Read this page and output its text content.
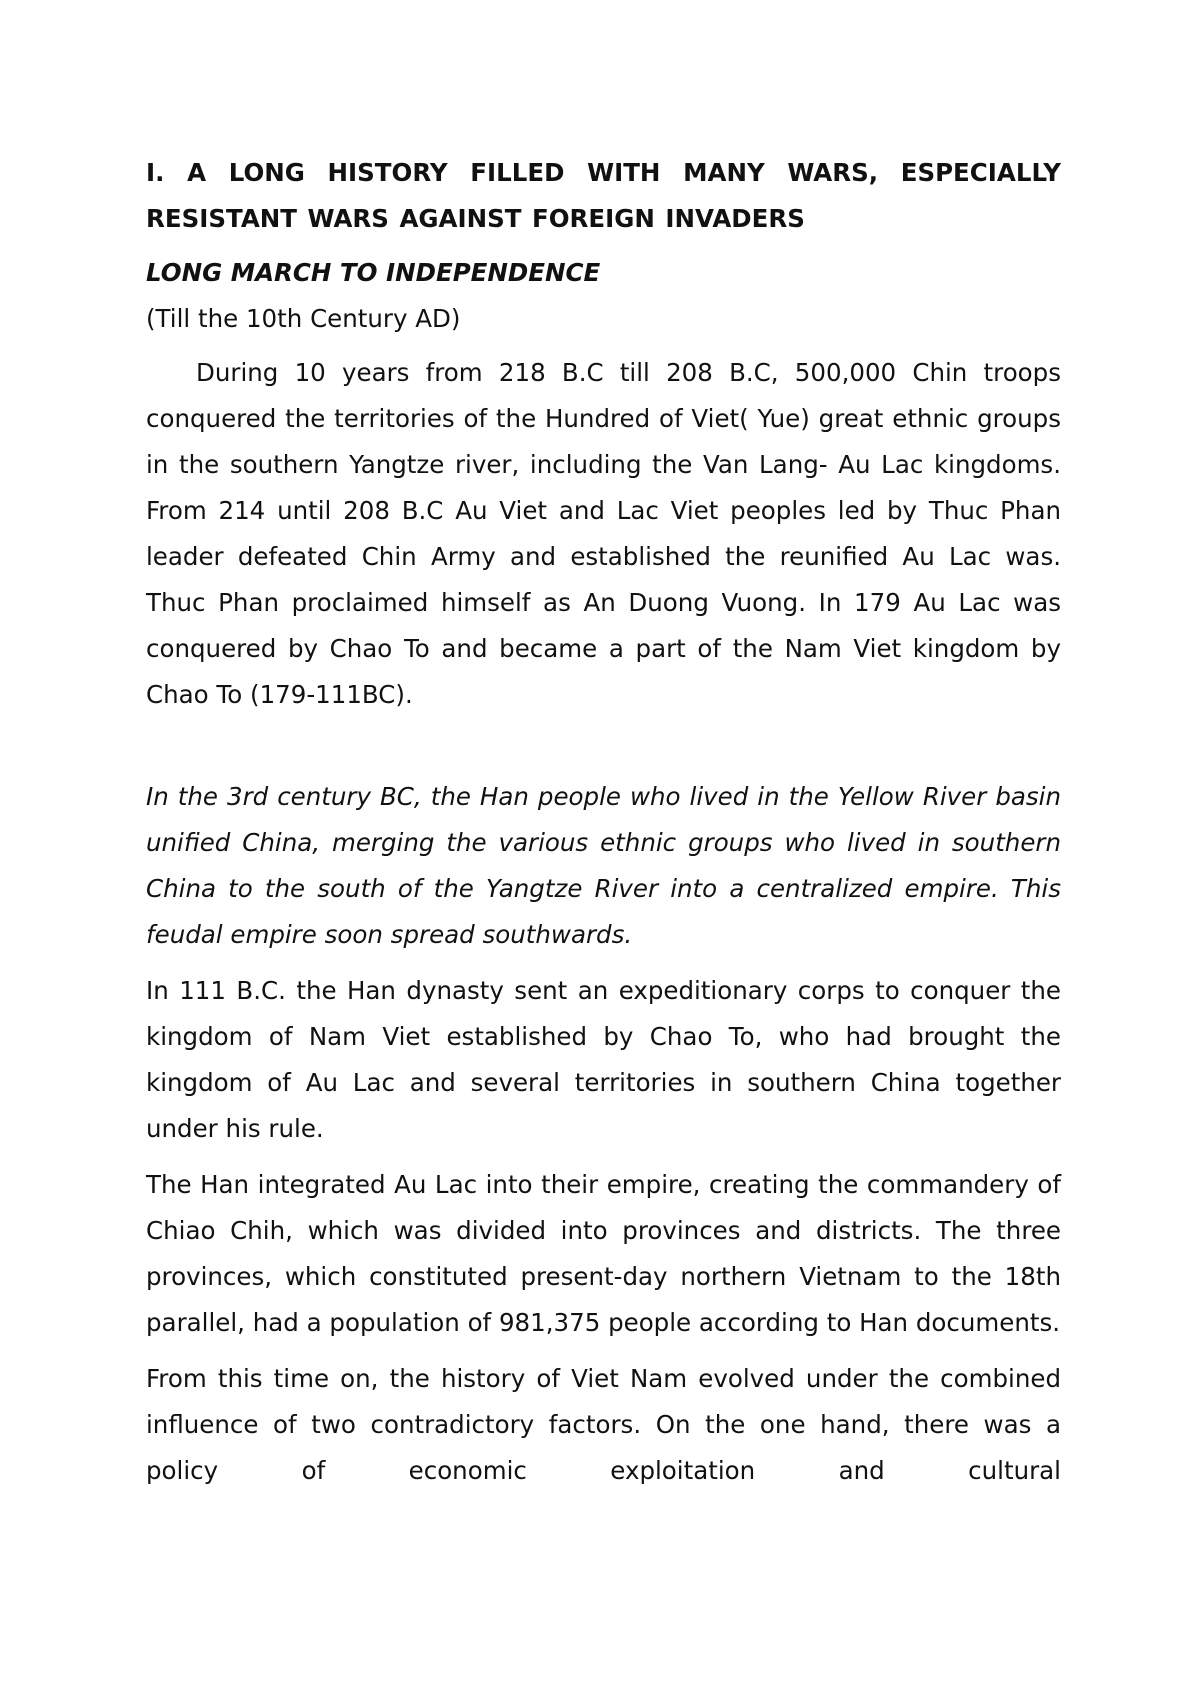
I. A LONG HISTORY FILLED WITH MANY WARS, ESPECIALLY RESISTANT WARS AGAINST FOREIGN INVADERS
LONG MARCH TO INDEPENDENCE
(Till the 10th Century AD)

During 10 years from 218 B.C till 208 B.C, 500,000 Chin troops conquered the territories of the Hundred of Viet( Yue) great ethnic groups in the southern Yangtze river, including the Van Lang- Au Lac kingdoms. From 214 until 208 B.C Au Viet and Lac Viet peoples led by Thuc Phan leader defeated Chin Army and established the reunified Au Lac was. Thuc Phan proclaimed himself as An Duong Vuong. In 179 Au Lac was conquered by Chao To and became a part of the Nam Viet kingdom by Chao To (179-111BC).

In the 3rd century BC, the Han people who lived in the Yellow River basin unified China, merging the various ethnic groups who lived in southern China to the south of the Yangtze River into a centralized empire. This feudal empire soon spread southwards.

In 111 B.C. the Han dynasty sent an expeditionary corps to conquer the kingdom of Nam Viet established by Chao To, who had brought the kingdom of Au Lac and several territories in southern China together under his rule.

The Han integrated Au Lac into their empire, creating the commandery of Chiao Chih, which was divided into provinces and districts. The three provinces, which constituted present-day northern Vietnam to the 18th parallel, had a population of 981,375 people according to Han documents.

From this time on, the history of Viet Nam evolved under the combined influence of two contradictory factors. On the one hand, there was a policy of economic exploitation and cultural
